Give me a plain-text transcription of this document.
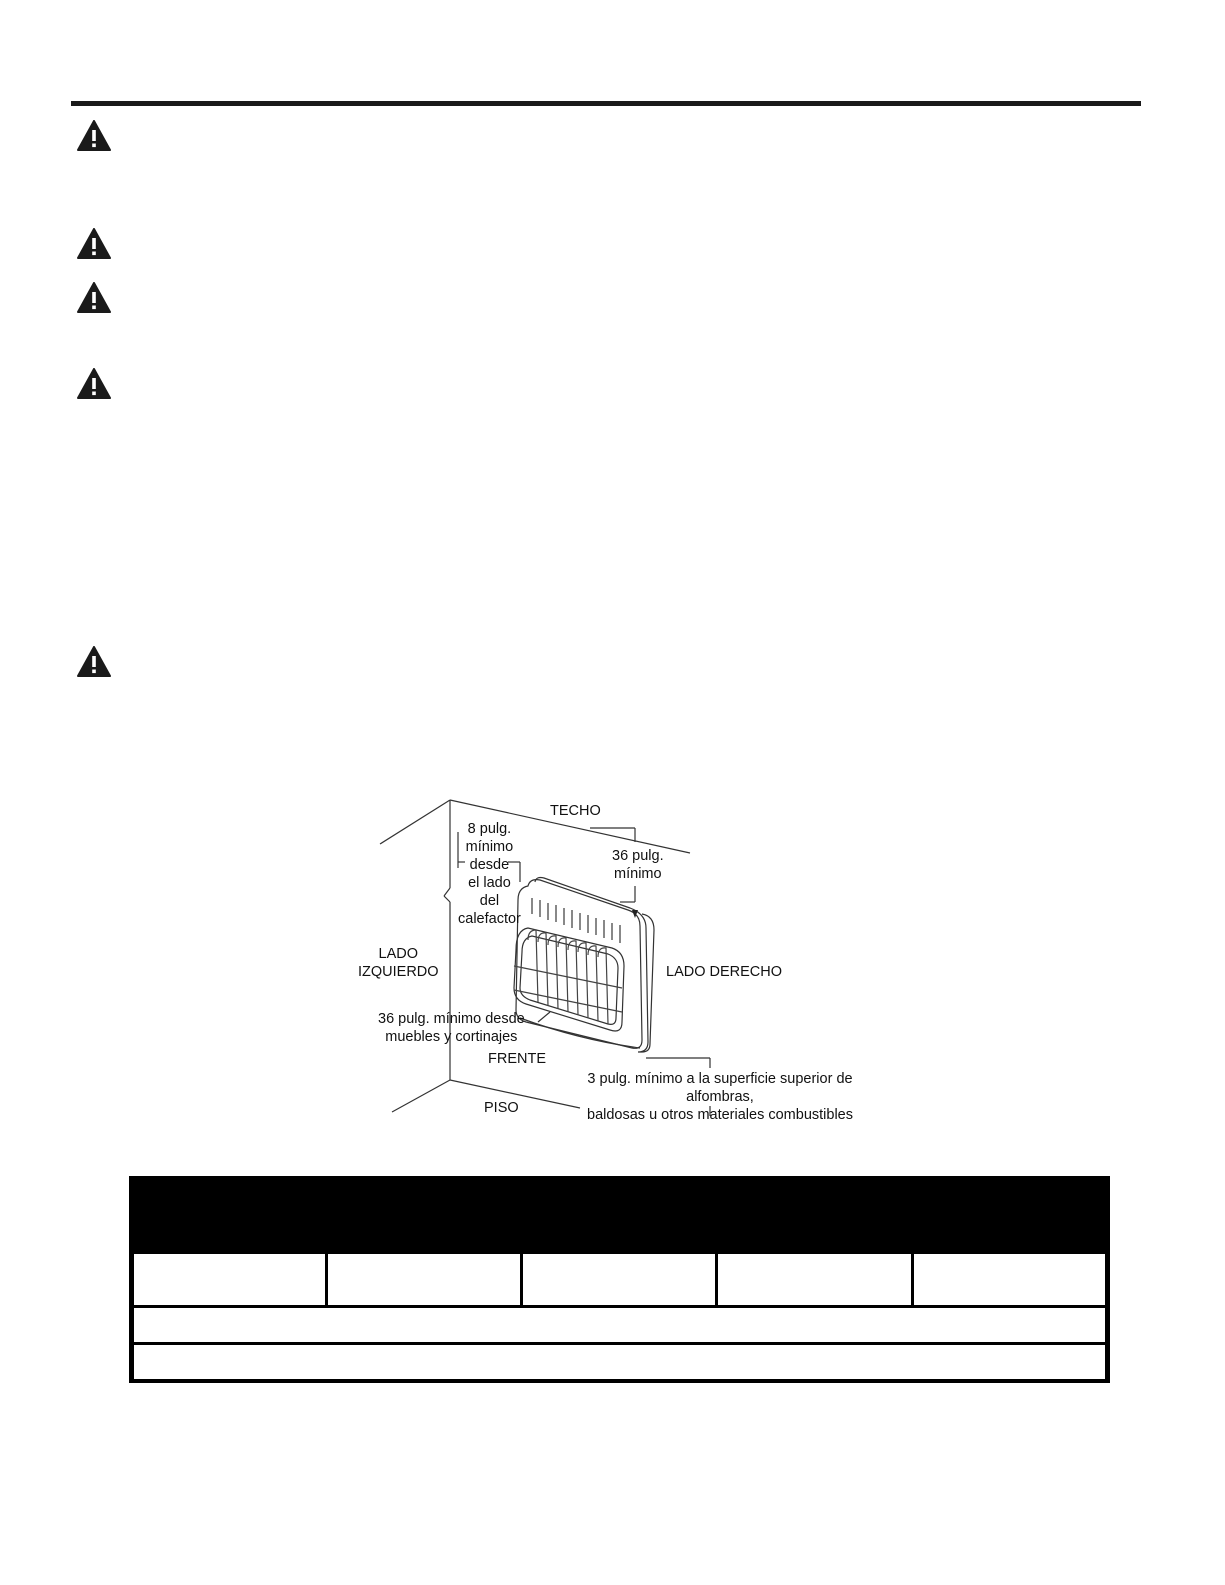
TECHO
8 pulg.
mínimo
desde
el lado
del
calefactor
36 pulg.
mínimo
LADO
IZQUIERDO	LADO DERECHO
36 pulg. mínimo desde
muebles y cortinajes
FRENTE
3 pulg. mínimo a la superficie superior de alfombras,
baldosas u otros materiales combustibles
PISO
